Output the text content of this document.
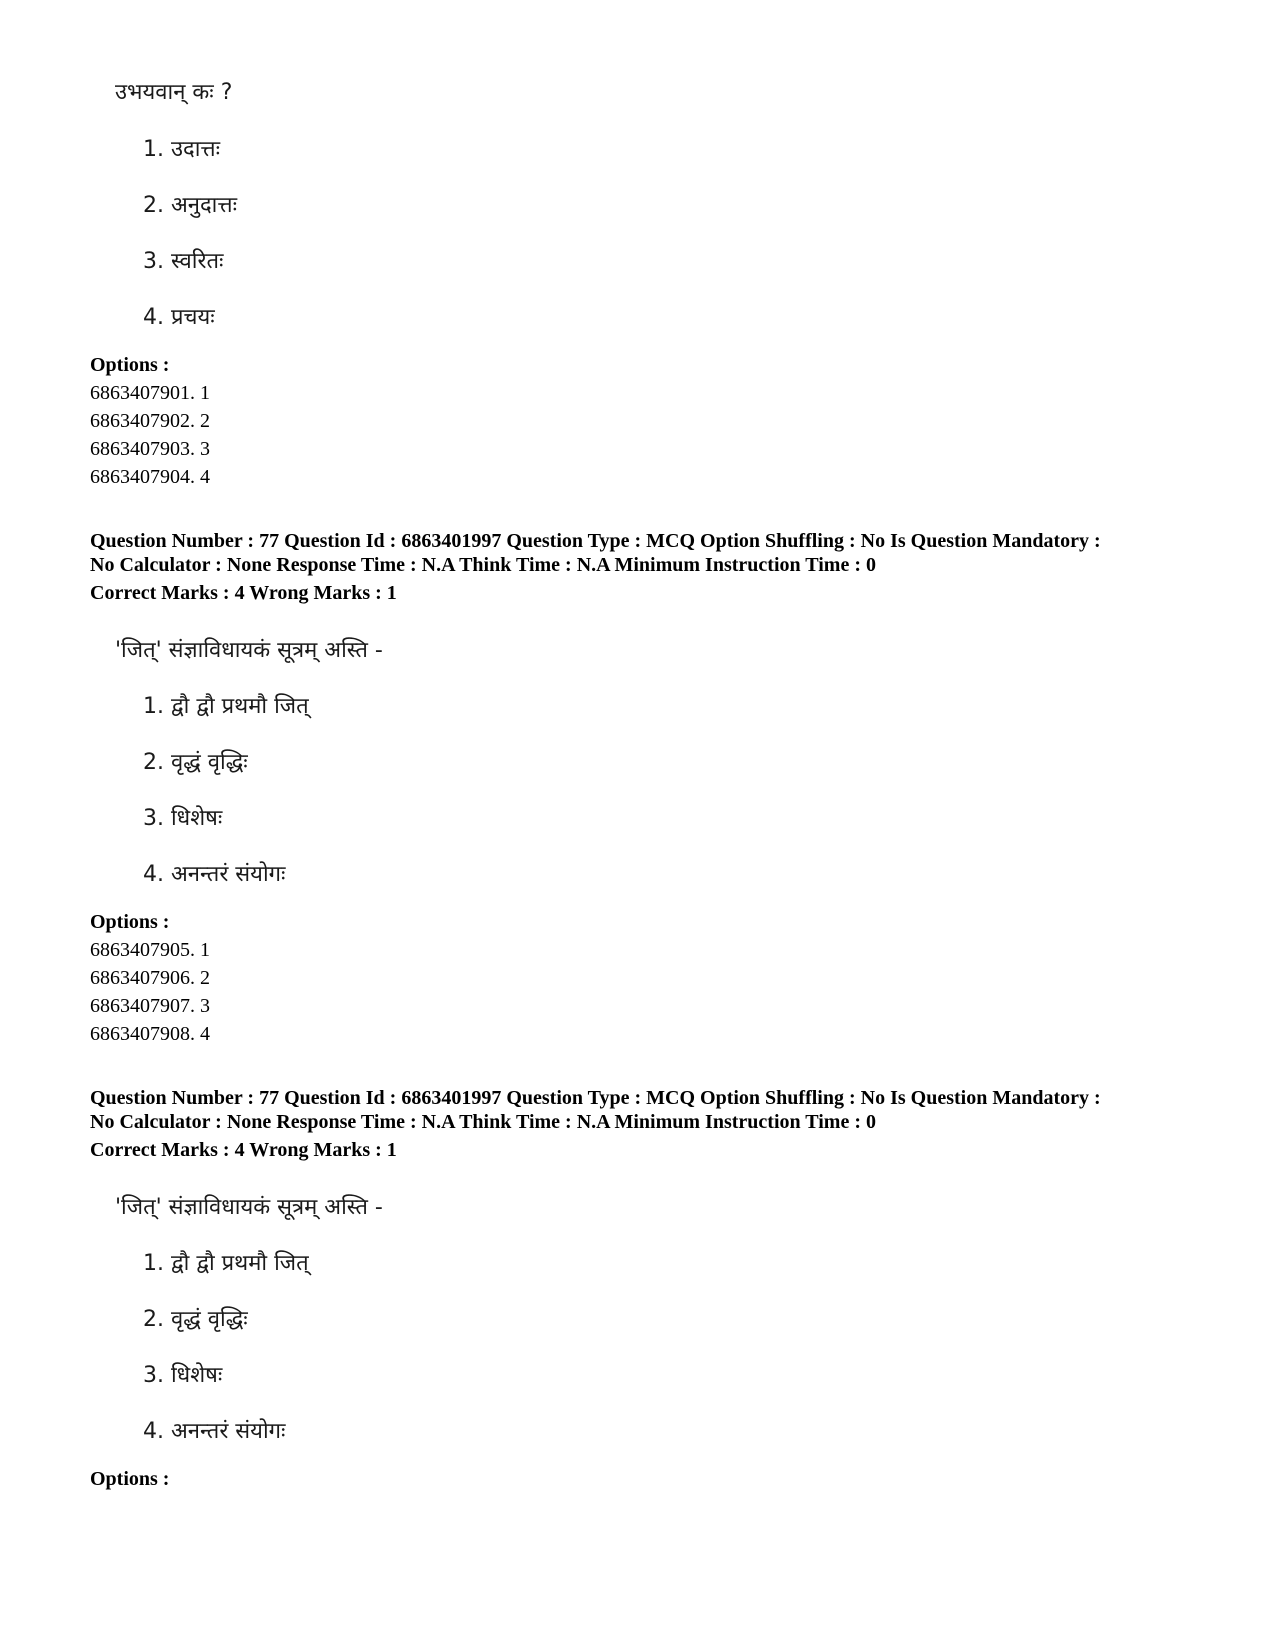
उभयवान् कः ?
1. उदात्तः
2. अनुदात्तः
3. स्वरितः
4. प्रचयः
Options :
6863407901. 1
6863407902. 2
6863407903. 3
6863407904. 4
Question Number : 77 Question Id : 6863401997 Question Type : MCQ Option Shuffling : No Is Question Mandatory :
No Calculator : None Response Time : N.A Think Time : N.A Minimum Instruction Time : 0
Correct Marks : 4 Wrong Marks : 1
'जित्' संज्ञाविधायकं सूत्रम् अस्ति -
1. द्वौ द्वौ प्रथमौ जित्
2. वृद्धं वृद्धिः
3. धिशेषः
4. अनन्तरं संयोगः
Options :
6863407905. 1
6863407906. 2
6863407907. 3
6863407908. 4
Question Number : 77 Question Id : 6863401997 Question Type : MCQ Option Shuffling : No Is Question Mandatory :
No Calculator : None Response Time : N.A Think Time : N.A Minimum Instruction Time : 0
Correct Marks : 4 Wrong Marks : 1
'जित्' संज्ञाविधायकं सूत्रम् अस्ति -
1. द्वौ द्वौ प्रथमौ जित्
2. वृद्धं वृद्धिः
3. धिशेषः
4. अनन्तरं संयोगः
Options :
